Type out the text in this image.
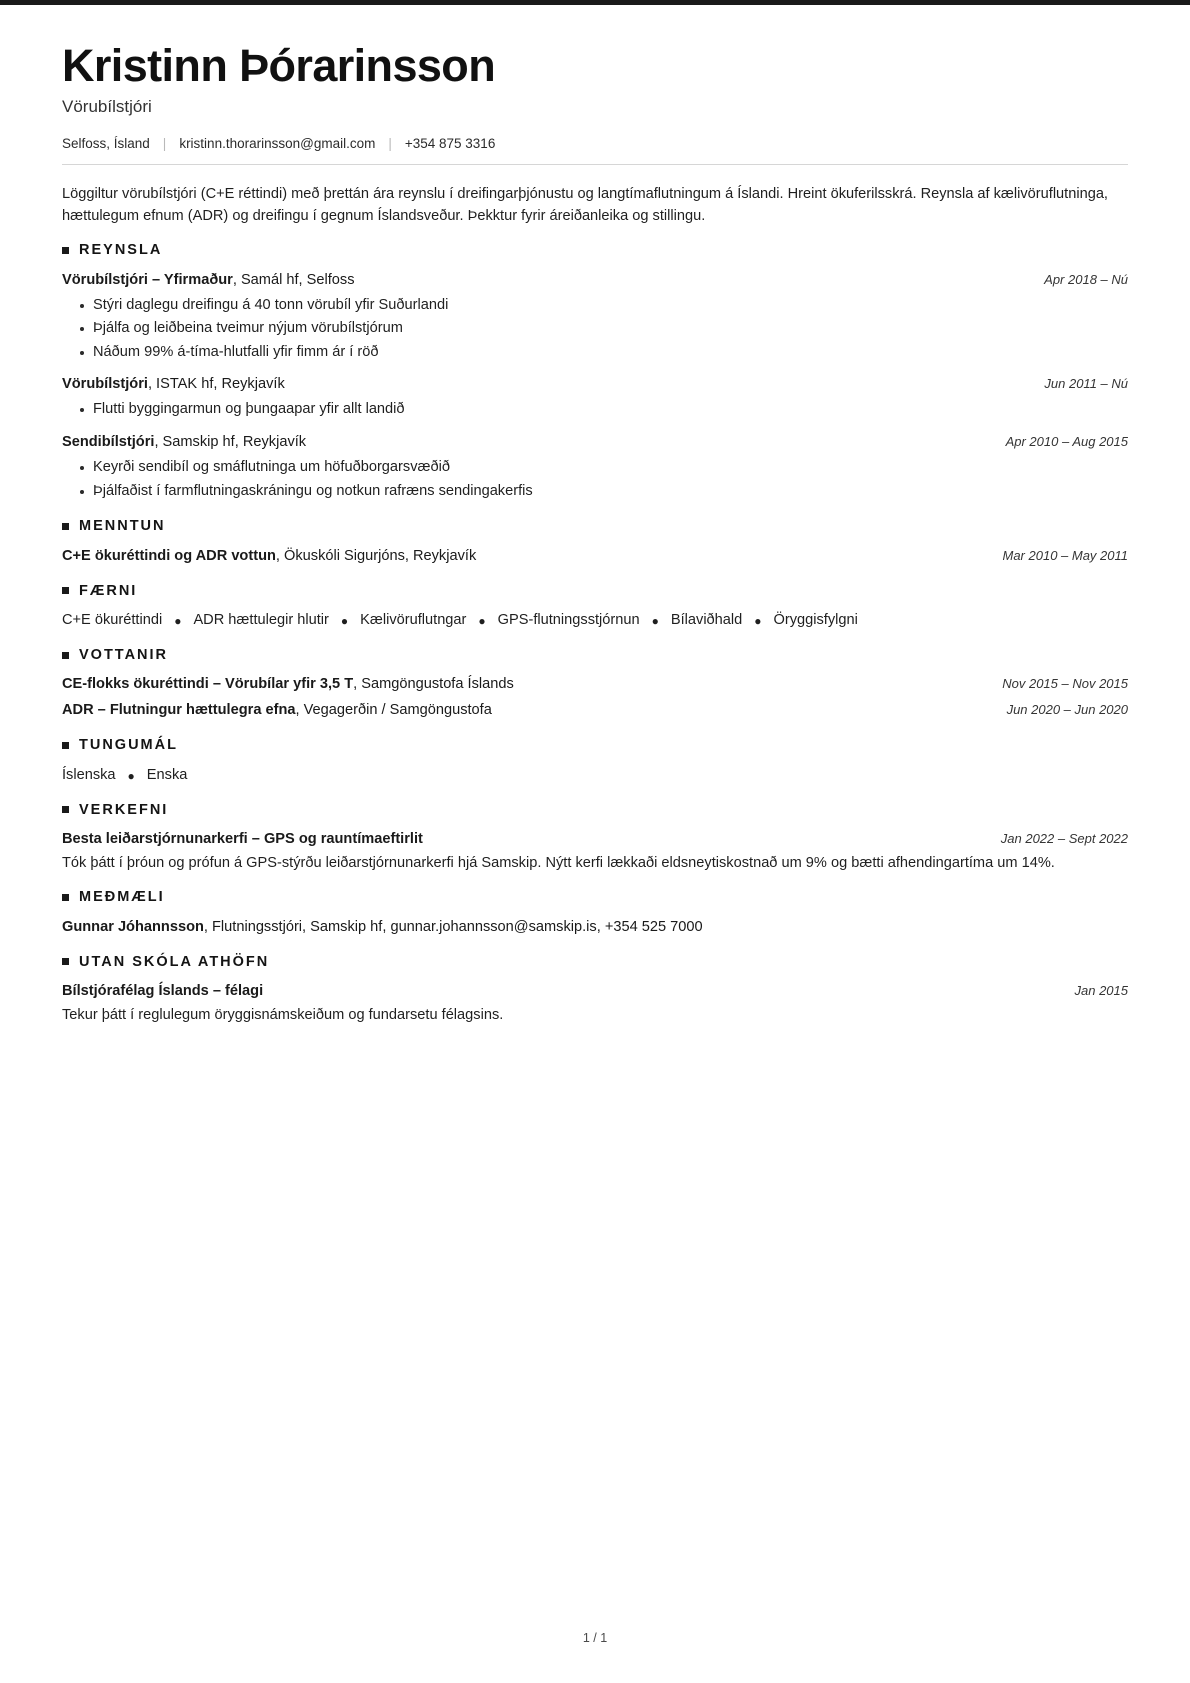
Kristinn Þórarinsson
Vörubílstjóri
Selfoss, Ísland | kristinn.thorarinsson@gmail.com | +354 875 3316

Löggiltur vörubílstjóri (C+E réttindi) með þrettán ára reynslu í dreifingarþjónustu og langtímaflutningum á Íslandi. Hreint ökuferilsskrá. Reynsla af kælivöruflutninga, hættulegum efnum (ADR) og dreifingu í gegnum Íslandsveður. Þekktur fyrir áreiðanleika og stillingu.

REYNSLA
Vörubílstjóri – Yfirmaður, Samál hf, Selfoss	Apr 2018 – Nú
Stýri daglegu dreifingu á 40 tonn vörubíl yfir Suðurlandi
Þjálfa og leiðbeina tveimur nýjum vörubílstjórum
Náðum 99% á-tíma-hlutfalli yfir fimm ár í röð
Vörubílstjóri, ISTAK hf, Reykjavík	Jun 2011 – Nú
Flutti byggingarmun og þungaapar yfir allt landið
Sendibílstjóri, Samskip hf, Reykjavík	Apr 2010 – Aug 2015
Keyrði sendibíl og smáflutninga um höfuðborgarsvæðið
Þjálfaðist í farmflutningaskráningu og notkun rafræns sendingakerfis
MENNTUN
C+E ökuréttindi og ADR vottun, Ökuskóli Sigurjóns, Reykjavík	Mar 2010 – May 2011
FÆRNI
C+E ökuréttindi ● ADR hættulegir hlutir ● Kælivöruflutngar ● GPS-flutningsstjórnun ● Bílaviðhald ● Öryggisfylgni
VOTTANIR
CE-flokks ökuréttindi – Vörubílar yfir 3,5 T, Samgöngustofa Íslands	Nov 2015 – Nov 2015
ADR – Flutningur hættulegra efna, Vegagerðin / Samgöngustofa	Jun 2020 – Jun 2020
TUNGUMÁL
Íslenska ● Enska
VERKEFNI
Besta leiðarstjórnunarkerfi – GPS og rauntímaeftirlit	Jan 2022 – Sept 2022

Tók þátt í þróun og prófun á GPS-stýrðu leiðarstjórnunarkerfi hjá Samskip. Nýtt kerfi lækkaði eldsneytiskostnað um 9% og bætti afhendingartíma um 14%.

MEÐMÆLI
Gunnar Jóhannsson, Flutningsstjóri, Samskip hf, gunnar.johannsson@samskip.is, +354 525 7000
UTAN SKÓLA ATHÖFN
Bílstjórafélag Íslands – félagi	Jan 2015

Tekur þátt í reglulegum öryggisnámskeiðum og fundarsetu félagsins.

1 / 1
